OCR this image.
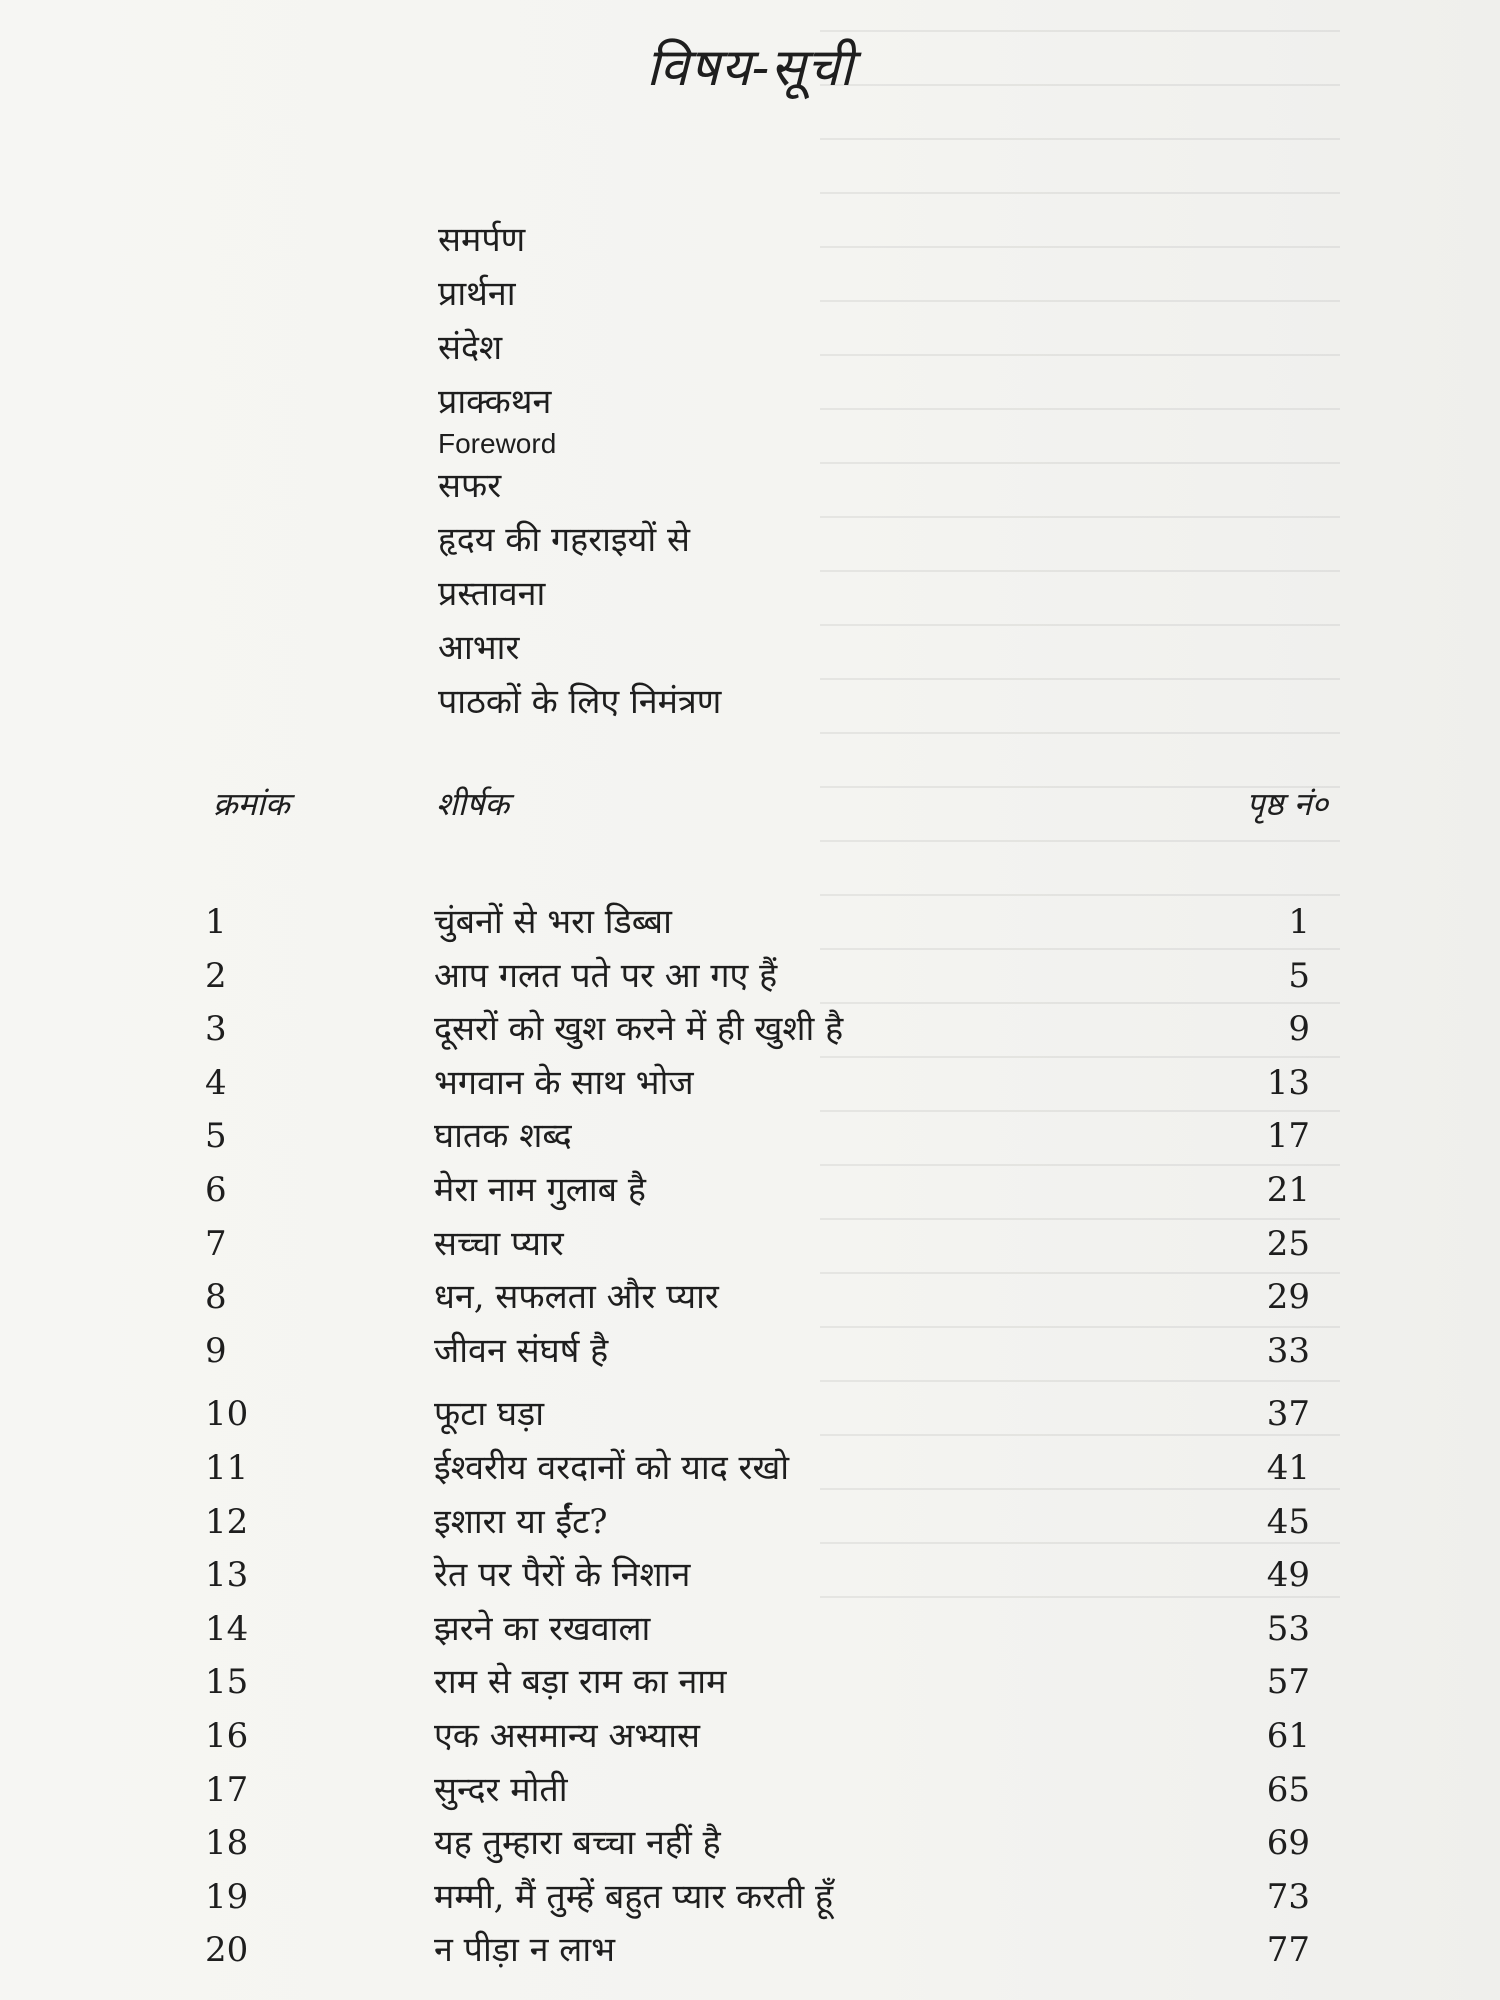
विषय-सूची
समर्पण
प्रार्थना
संदेश
प्राक्कथन
Foreword
सफर
हृदय की गहराइयों से
प्रस्तावना
आभार
पाठकों के लिए निमंत्रण
क्रमांक	शीर्षक	पृष्ठ नं०
1	चुंबनों से भरा डिब्बा	1
2	आप गलत पते पर आ गए हैं	5
3	दूसरों को खुश करने में ही खुशी है	9
4	भगवान के साथ भोज	13
5	घातक शब्द	17
6	मेरा नाम गुलाब है	21
7	सच्चा प्यार	25
8	धन, सफलता और प्यार	29
9	जीवन संघर्ष है	33
10	फूटा घड़ा	37
11	ईश्वरीय वरदानों को याद रखो	41
12	इशारा या ईंट?	45
13	रेत पर पैरों के निशान	49
14	झरने का रखवाला	53
15	राम से बड़ा राम का नाम	57
16	एक असमान्य अभ्यास	61
17	सुन्दर मोती	65
18	यह तुम्हारा बच्चा नहीं है	69
19	मम्मी, मैं तुम्हें बहुत प्यार करती हूँ	73
20	न पीड़ा न लाभ	77
